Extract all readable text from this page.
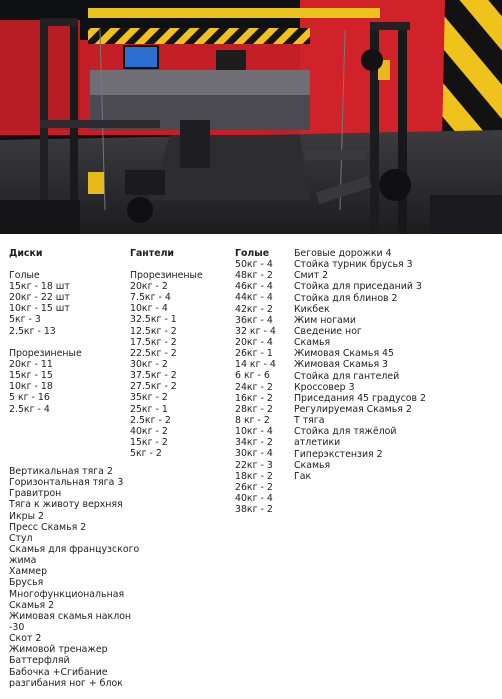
Диски
Голые
15кг - 18 шт
20кг - 22 шт
10кг - 15 шт
5кг - 3
2.5кг - 13
Прорезиненые
20кг - 11
15кг - 15
10кг - 18
5 кг - 16
2.5кг - 4
Гантели
Прорезиненые
20кг - 2
7.5кг - 4
10кг - 4
32.5кг - 1
12.5кг - 2
17.5кг - 2
22.5кг - 2
30кг - 2
37.5кг - 2
27.5кг - 2
35кг - 2
25кг - 1
2.5кг - 2
40кг - 2
15кг - 2
5кг - 2
Голые
50кг - 4
48кг - 2
46кг - 4
44кг - 4
42кг - 2
36кг - 4
32 кг - 4
20кг - 4
26кг - 1
14 кг - 4
6 кг - 6
24кг - 2
16кг - 2
28кг - 2
8 кг - 2
10кг - 4
34кг - 2
30кг - 4
22кг - 3
18кг - 2
26кг - 2
40кг - 4
38кг - 2
Беговые дорожки 4
Стойка турник брусья 3
Смит 2
Стойка для приседаний 3
Стойка для блинов 2
Кикбек
Жим ногами
Сведение ног
Скамья
Жимовая Скамья 45
Жимовая Скамья 3
Стойка для гантелей
Кроссовер 3
Приседания 45 градусов 2
Регулируемая Скамья 2
Т тяга
Стойка для тяжёлой
атлетики
Гиперэкстензия 2
Скамья
Гак
Вертикальная тяга 2
Горизонтальная тяга 3
Гравитрон
Тяга к животу верхняя
Икры 2
Пресс Скамья 2
Стул
Скамья для французского
жима
Хаммер
Брусья
Многофункциональная
Скамья 2
Жимовая скамья наклон
-30
Скот 2
Жимовой тренажер
Баттерфляй
Бабочка +Сгибание
разгибания ног + блок
